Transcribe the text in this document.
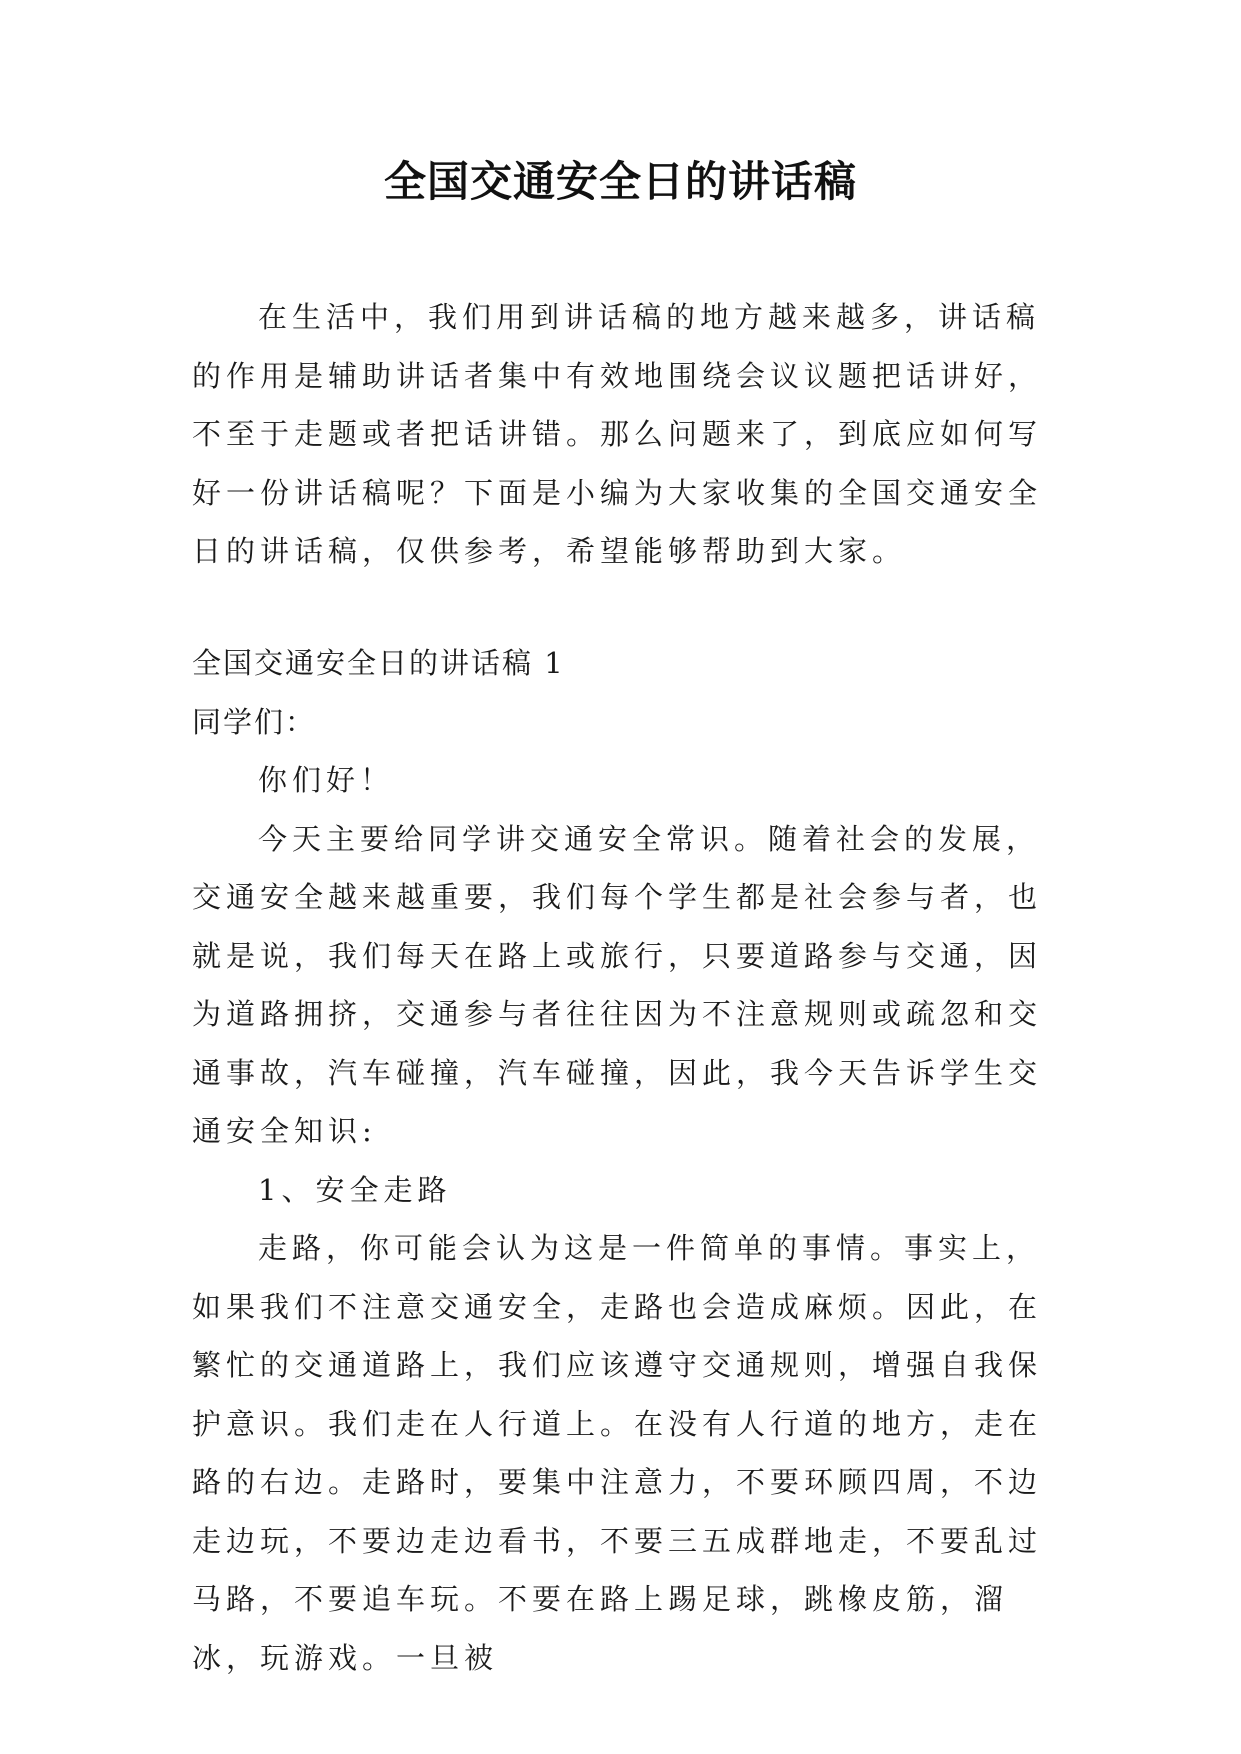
全国交通安全日的讲话稿

在生活中，我们用到讲话稿的地方越来越多，讲话稿的作用是辅助讲话者集中有效地围绕会议议题把话讲好，不至于走题或者把话讲错。那么问题来了，到底应如何写好一份讲话稿呢？下面是小编为大家收集的全国交通安全日的讲话稿，仅供参考，希望能够帮助到大家。

全国交通安全日的讲话稿 1

同学们：

你们好！

今天主要给同学讲交通安全常识。随着社会的发展，交通安全越来越重要，我们每个学生都是社会参与者，也就是说，我们每天在路上或旅行，只要道路参与交通，因为道路拥挤，交通参与者往往因为不注意规则或疏忽和交通事故，汽车碰撞，汽车碰撞，因此，我今天告诉学生交通安全知识:

1、安全走路

走路，你可能会认为这是一件简单的事情。事实上，如果我们不注意交通安全，走路也会造成麻烦。因此，在繁忙的交通道路上，我们应该遵守交通规则，增强自我保护意识。我们走在人行道上。在没有人行道的地方，走在路的右边。走路时，要集中注意力，不要环顾四周，不边走边玩，不要边走边看书，不要三五成群地走，不要乱过马路，不要追车玩。不要在路上踢足球，跳橡皮筋，溜冰，玩游戏。一旦被
